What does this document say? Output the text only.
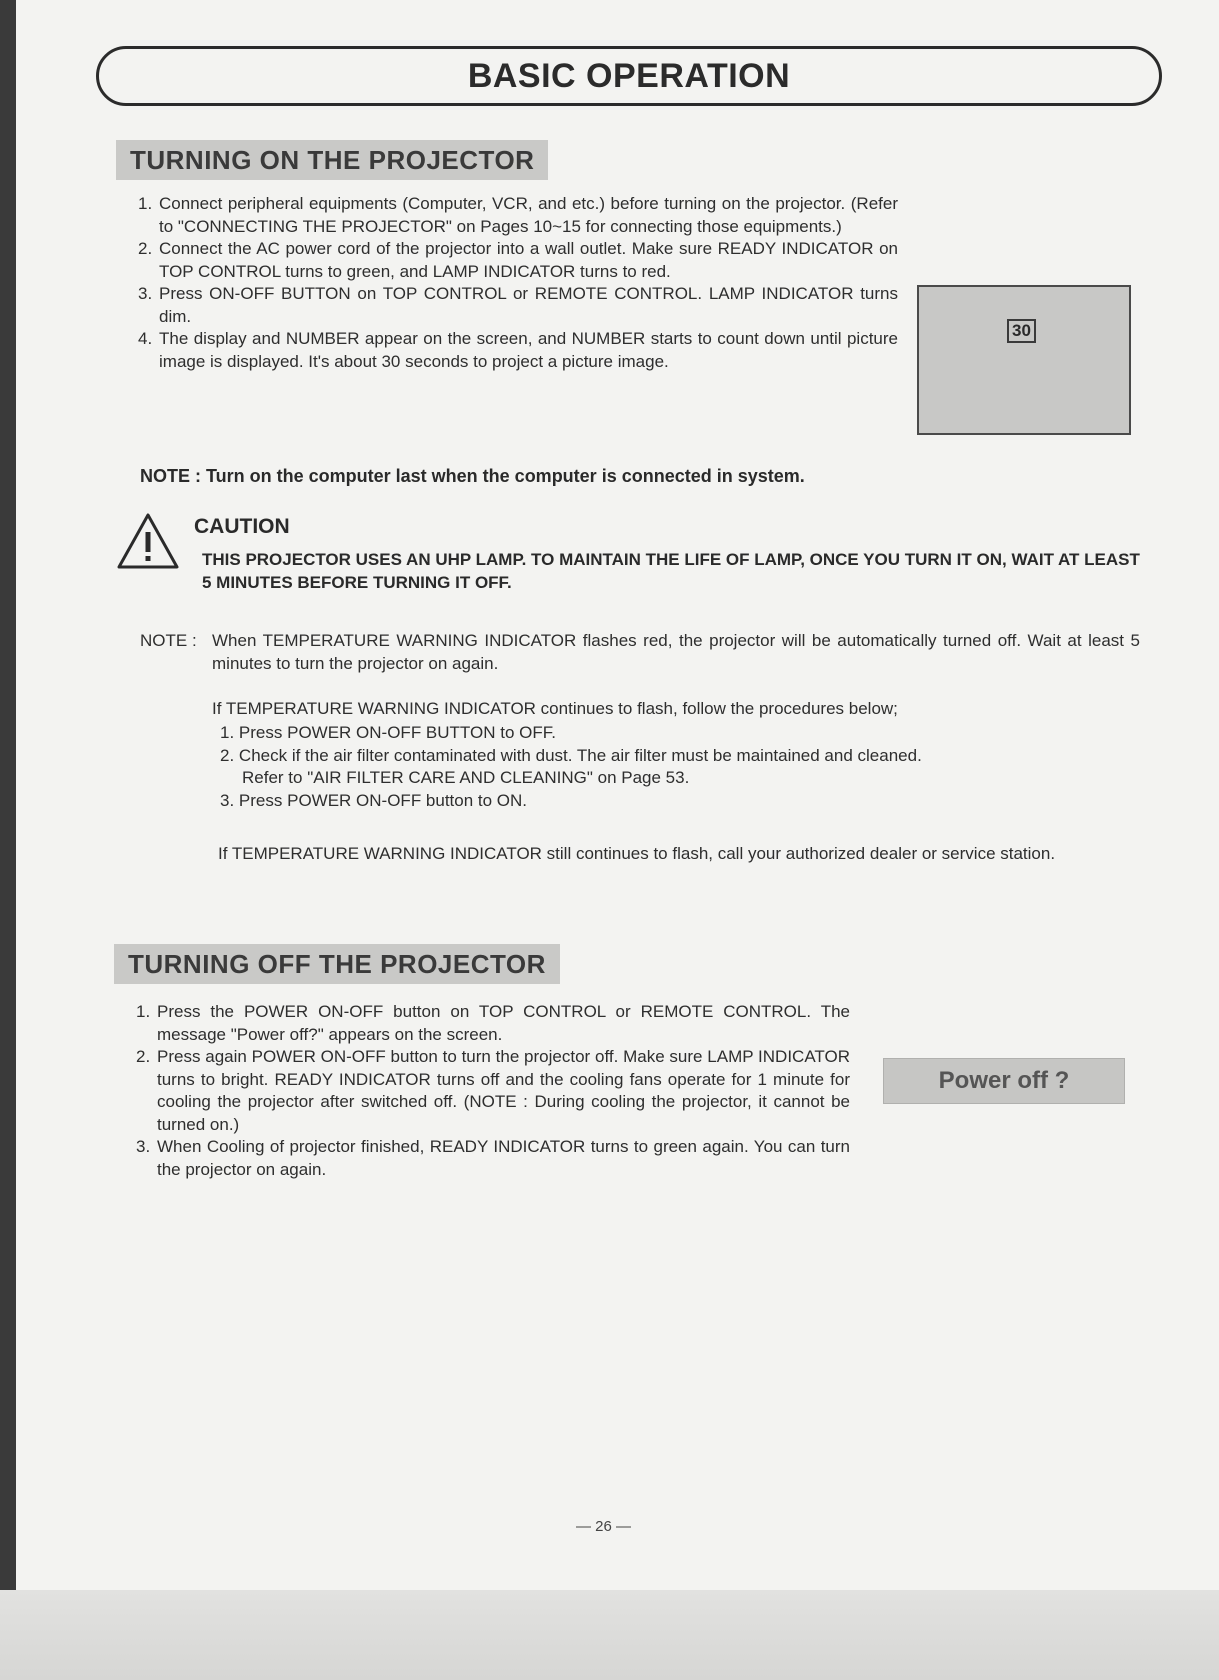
BASIC OPERATION
TURNING ON THE PROJECTOR
1. Connect peripheral equipments (Computer, VCR, and etc.) before turning on the projector. (Refer to "CONNECTING THE PROJECTOR" on Pages 10~15 for connecting those equipments.)
2. Connect the AC power cord of the projector into a wall outlet. Make sure READY INDICATOR on TOP CONTROL turns to green, and LAMP INDICATOR turns to red.
3. Press ON-OFF BUTTON on TOP CONTROL or REMOTE CONTROL. LAMP INDICATOR turns dim.
4. The display and NUMBER appear on the screen, and NUMBER starts to count down until picture image is displayed. It's about 30 seconds to project a picture image.
30
NOTE : Turn on the computer last when the computer is connected in system.
CAUTION
THIS PROJECTOR USES AN UHP LAMP. TO MAINTAIN THE LIFE OF LAMP, ONCE YOU TURN IT ON, WAIT AT LEAST 5 MINUTES BEFORE TURNING IT OFF.
NOTE : When TEMPERATURE WARNING INDICATOR flashes red, the projector will be automatically turned off. Wait at least 5 minutes to turn the projector on again.
If TEMPERATURE WARNING INDICATOR continues to flash, follow the procedures below;
1. Press POWER ON-OFF BUTTON to OFF.
2. Check if the air filter contaminated with dust. The air filter must be maintained and cleaned.
Refer to "AIR FILTER CARE AND CLEANING" on Page 53.
3. Press POWER ON-OFF button to ON.
If TEMPERATURE WARNING INDICATOR still continues to flash, call your authorized dealer or service station.
TURNING OFF THE PROJECTOR
1. Press the POWER ON-OFF button on TOP CONTROL or REMOTE CONTROL. The message "Power off?" appears on the screen.
2. Press again POWER ON-OFF button to turn the projector off. Make sure LAMP INDICATOR turns to bright. READY INDICATOR turns off and the cooling fans operate for 1 minute for cooling the projector after switched off. (NOTE : During cooling the projector, it cannot be turned on.)
3. When Cooling of projector finished, READY INDICATOR turns to green again. You can turn the projector on again.
Power off ?
— 26 —
